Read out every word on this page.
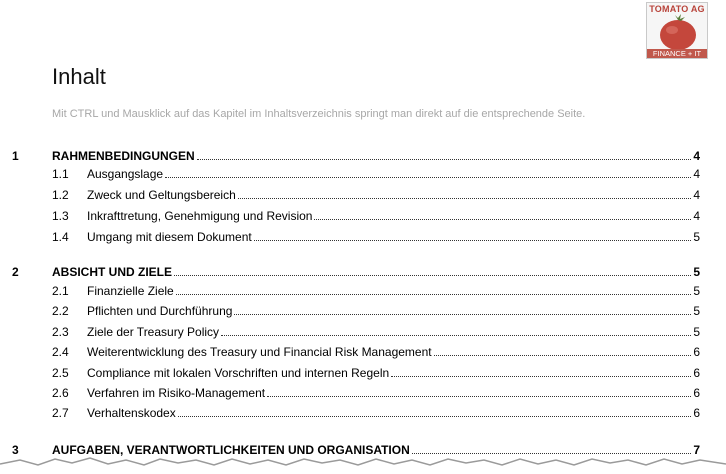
TOMATO AG
FINANCE + IT
Inhalt
Mit CTRL und Mausklick auf das Kapitel im Inhaltsverzeichnis springt man direkt auf die entsprechende Seite.
1	RAHMENBEDINGUNGEN	4
1.1 Ausgangslage	4
1.2 Zweck und Geltungsbereich	4
1.3 Inkrafttretung, Genehmigung und Revision	4
1.4 Umgang mit diesem Dokument	5
2	ABSICHT UND ZIELE	5
2.1 Finanzielle Ziele	5
2.2 Pflichten und Durchführung	5
2.3 Ziele der Treasury Policy	5
2.4 Weiterentwicklung des Treasury und Financial Risk Management	6
2.5 Compliance mit lokalen Vorschriften und internen Regeln	6
2.6 Verfahren im Risiko-Management	6
2.7 Verhaltenskodex	6
3	AUFGABEN, VERANTWORTLICHKEITEN UND ORGANISATION	7
